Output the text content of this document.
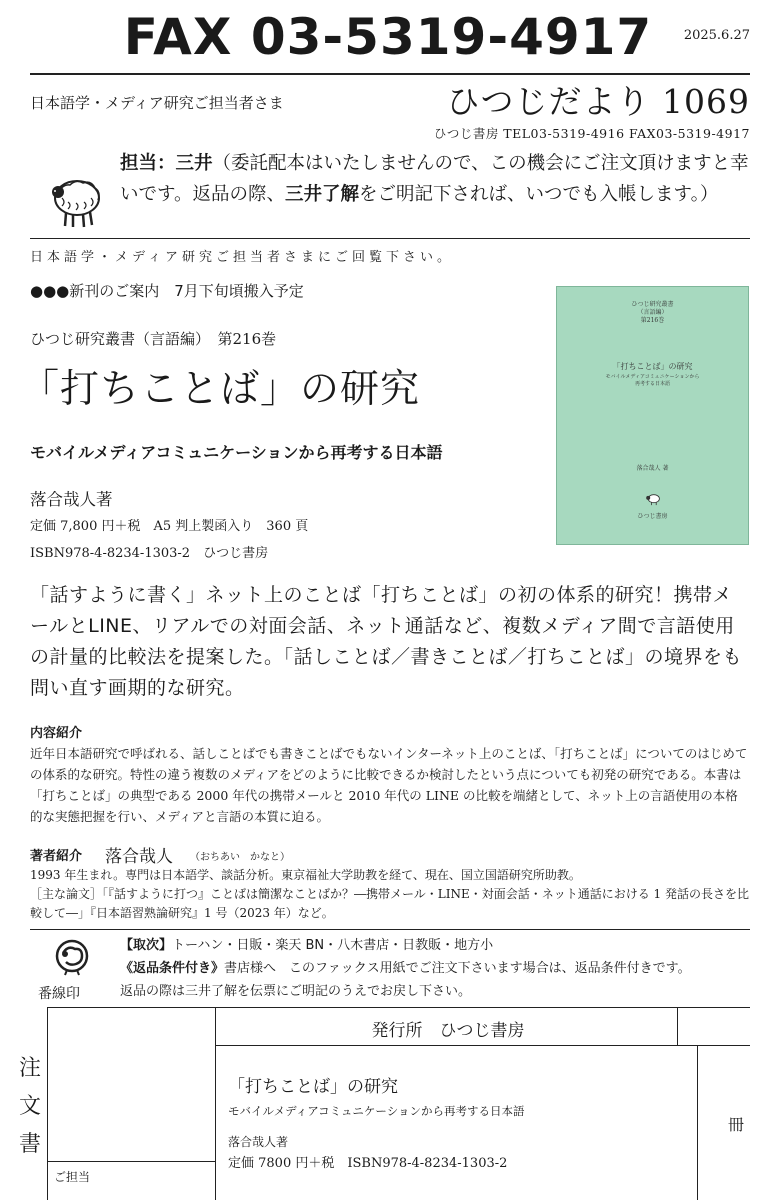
FAX 03-5319-4917	2025.6.27
日本語学・メディア研究ご担当者さま	ひつじだより 1069
ひつじ書房 TEL03-5319-4916 FAX03-5319-4917
担当：三井（委託配本はいたしませんので、この機会にご注文頂けますと幸いです。返品の際、三井了解をご明記下されば、いつでも入帳します。）
日本語学・メディア研究ご担当者さまにご回覧下さい。
●●●新刊のご案内　7月下旬頃搬入予定
ひつじ研究叢書（言語編）　第216巻
「打ちことば」の研究
モバイルメディアコミュニケーションから再考する日本語
落合哉人著
定価 7,800 円＋税　A5 判上製函入り　360 頁
ISBN978-4-8234-1303-2　ひつじ書房
ひつじ研究叢書
（言語編）
第216巻
「打ちことば」の研究
モバイルメディアコミュニケーションから
再考する日本語
落合哉人 著
ひつじ書房
「話すように書く」ネット上のことば「打ちことば」の初の体系的研究！携帯メールとLINE、リアルでの対面会話、ネット通話など、複数メディア間で言語使用の計量的比較法を提案した。「話しことば／書きことば／打ちことば」の境界をも問い直す画期的な研究。
内容紹介
近年日本語研究で呼ばれる、話しことばでも書きことばでもないインターネット上のことば、「打ちことば」についてのはじめての体系的な研究。特性の違う複数のメディアをどのように比較できるか検討したという点についても初発の研究である。本書は「打ちことば」の典型である 2000 年代の携帯メールと 2010 年代の LINE の比較を端緒として、ネット上の言語使用の本格的な実態把握を行い、メディアと言語の本質に迫る。
著者紹介 落合哉人 （おちあい　かなと）
1993 年生まれ。専門は日本語学、談話分析。東京福祉大学助教を経て、現在、国立国語研究所助教。
［主な論文］「『話すように打つ』ことばは簡潔なことばか？―携帯メール・LINE・対面会話・ネット通話における 1 発話の長さを比較して―」『日本語習熟論研究』1 号（2023 年）など。
番線印
【取次】トーハン・日販・楽天 BN・八木書店・日教販・地方小
《返品条件付き》書店様へ　このファックス用紙でご注文下さいます場合は、返品条件付きです。
返品の際は三井了解を伝票にご明記のうえでお戻し下さい。
注
文
書
ご担当
発行所　ひつじ書房
「打ちことば」の研究
モバイルメディアコミュニケーションから再考する日本語
落合哉人著
定価 7800 円＋税　ISBN978-4-8234-1303-2
冊
